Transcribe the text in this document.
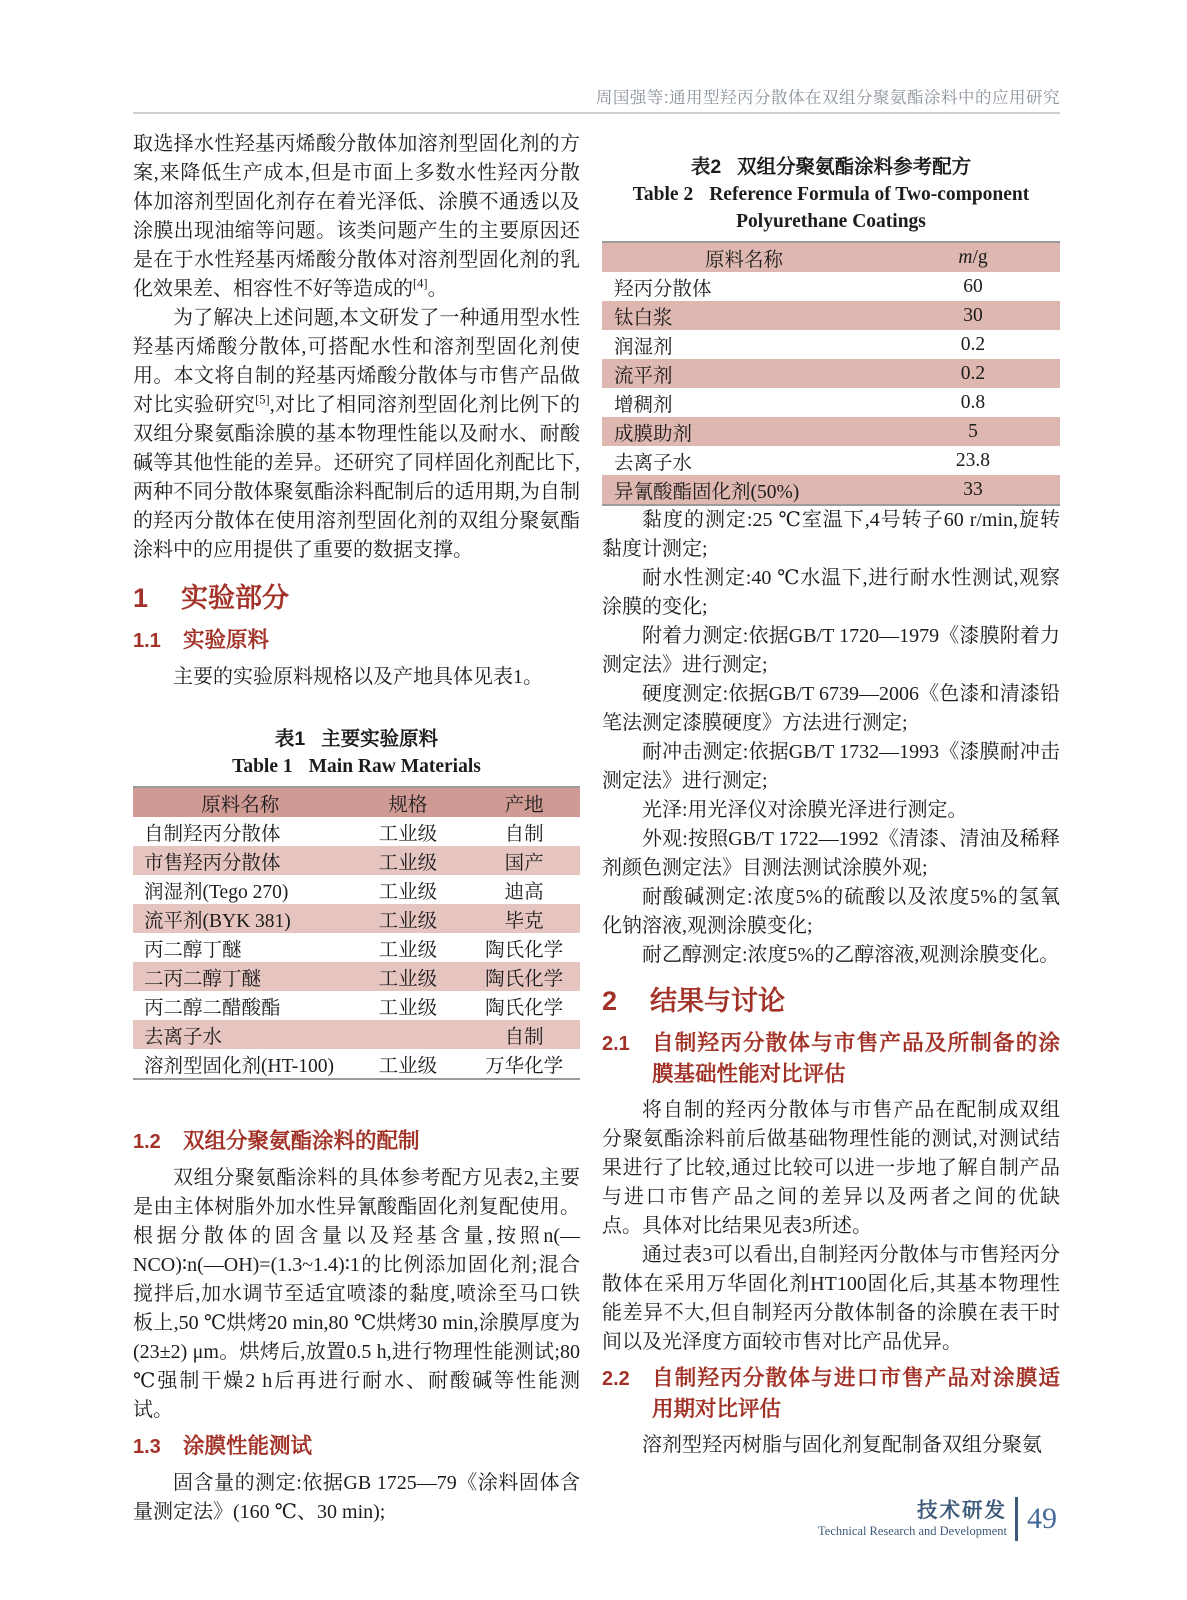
周国强等:通用型羟丙分散体在双组分聚氨酯涂料中的应用研究

取选择水性羟基丙烯酸分散体加溶剂型固化剂的方案,来降低生产成本,但是市面上多数水性羟丙分散体加溶剂型固化剂存在着光泽低、涂膜不通透以及涂膜出现油缩等问题。该类问题产生的主要原因还是在于水性羟基丙烯酸分散体对溶剂型固化剂的乳化效果差、相容性不好等造成的[4]。

为了解决上述问题,本文研发了一种通用型水性羟基丙烯酸分散体,可搭配水性和溶剂型固化剂使用。本文将自制的羟基丙烯酸分散体与市售产品做对比实验研究[5],对比了相同溶剂型固化剂比例下的双组分聚氨酯涂膜的基本物理性能以及耐水、耐酸碱等其他性能的差异。还研究了同样固化剂配比下,两种不同分散体聚氨酯涂料配制后的适用期,为自制的羟丙分散体在使用溶剂型固化剂的双组分聚氨酯涂料中的应用提供了重要的数据支撑。

1	实验部分
1.1	实验原料

主要的实验原料规格以及产地具体见表1。

表1 主要实验原料
Table 1 Main Raw Materials
原料名称	规格	产地
自制羟丙分散体	工业级	自制
市售羟丙分散体	工业级	国产
润湿剂(Tego 270)	工业级	迪高
流平剂(BYK 381)	工业级	毕克
丙二醇丁醚	工业级	陶氏化学
二丙二醇丁醚	工业级	陶氏化学
丙二醇二醋酸酯	工业级	陶氏化学
去离子水		自制
溶剂型固化剂(HT-100)	工业级	万华化学
1.2	双组分聚氨酯涂料的配制

双组分聚氨酯涂料的具体参考配方见表2,主要是由主体树脂外加水性异氰酸酯固化剂复配使用。根据分散体的固含量以及羟基含量,按照n(—NCO)∶n(—OH)=(1.3~1.4)∶1的比例添加固化剂;混合搅拌后,加水调节至适宜喷漆的黏度,喷涂至马口铁板上,50 ℃烘烤20 min,80 ℃烘烤30 min,涂膜厚度为(23±2) μm。烘烤后,放置0.5 h,进行物理性能测试;80 ℃强制干燥2 h后再进行耐水、耐酸碱等性能测试。

1.3	涂膜性能测试

固含量的测定:依据GB 1725—79《涂料固体含量测定法》(160 ℃、30 min);

表2 双组分聚氨酯涂料参考配方
Table 2 Reference Formula of Two-component
Polyurethane Coatings
原料名称	m/g
羟丙分散体	60
钛白浆	30
润湿剂	0.2
流平剂	0.2
增稠剂	0.8
成膜助剂	5
去离子水	23.8
异氰酸酯固化剂(50%)	33

黏度的测定:25 ℃室温下,4号转子60 r/min,旋转黏度计测定;

耐水性测定:40 ℃水温下,进行耐水性测试,观察涂膜的变化;

附着力测定:依据GB/T 1720—1979《漆膜附着力测定法》进行测定;

硬度测定:依据GB/T 6739—2006《色漆和清漆铅笔法测定漆膜硬度》方法进行测定;

耐冲击测定:依据GB/T 1732—1993《漆膜耐冲击测定法》进行测定;

光泽:用光泽仪对涂膜光泽进行测定。

外观:按照GB/T 1722—1992《清漆、清油及稀释剂颜色测定法》目测法测试涂膜外观;

耐酸碱测定:浓度5%的硫酸以及浓度5%的氢氧化钠溶液,观测涂膜变化;

耐乙醇测定:浓度5%的乙醇溶液,观测涂膜变化。

2	结果与讨论
2.1	自制羟丙分散体与市售产品及所制备的涂膜基础性能对比评估

将自制的羟丙分散体与市售产品在配制成双组分聚氨酯涂料前后做基础物理性能的测试,对测试结果进行了比较,通过比较可以进一步地了解自制产品与进口市售产品之间的差异以及两者之间的优缺点。具体对比结果见表3所述。

通过表3可以看出,自制羟丙分散体与市售羟丙分散体在采用万华固化剂HT100固化后,其基本物理性能差异不大,但自制羟丙分散体制备的涂膜在表干时间以及光泽度方面较市售对比产品优异。

2.2	自制羟丙分散体与进口市售产品对涂膜适用期对比评估

溶剂型羟丙树脂与固化剂复配制备双组分聚氨

技术研发
Technical Research and Development 49
